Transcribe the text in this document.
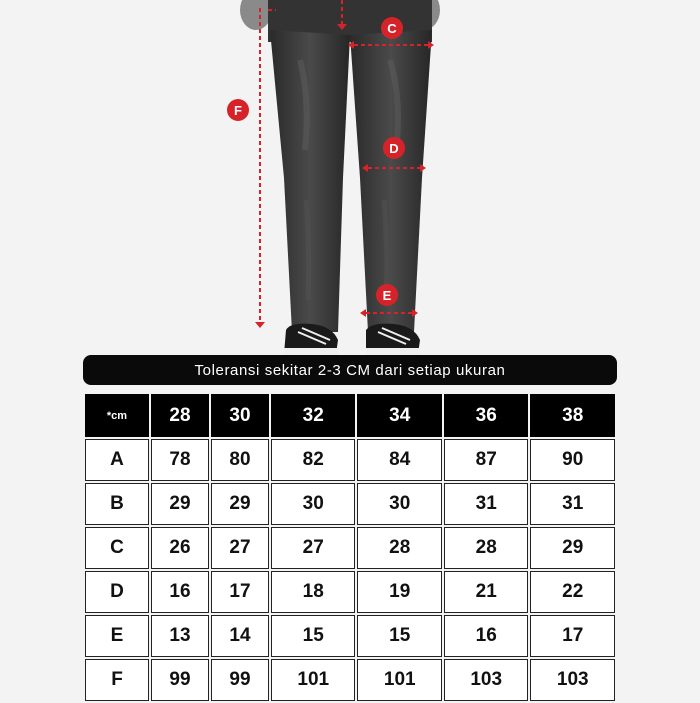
C
D
E
F
Toleransi sekitar 2-3 CM dari setiap ukuran
*cm	28	30	32	34	36	38
A	78	80	82	84	87	90
B	29	29	30	30	31	31
C	26	27	27	28	28	29
D	16	17	18	19	21	22
E	13	14	15	15	16	17
F	99	99	101	101	103	103
